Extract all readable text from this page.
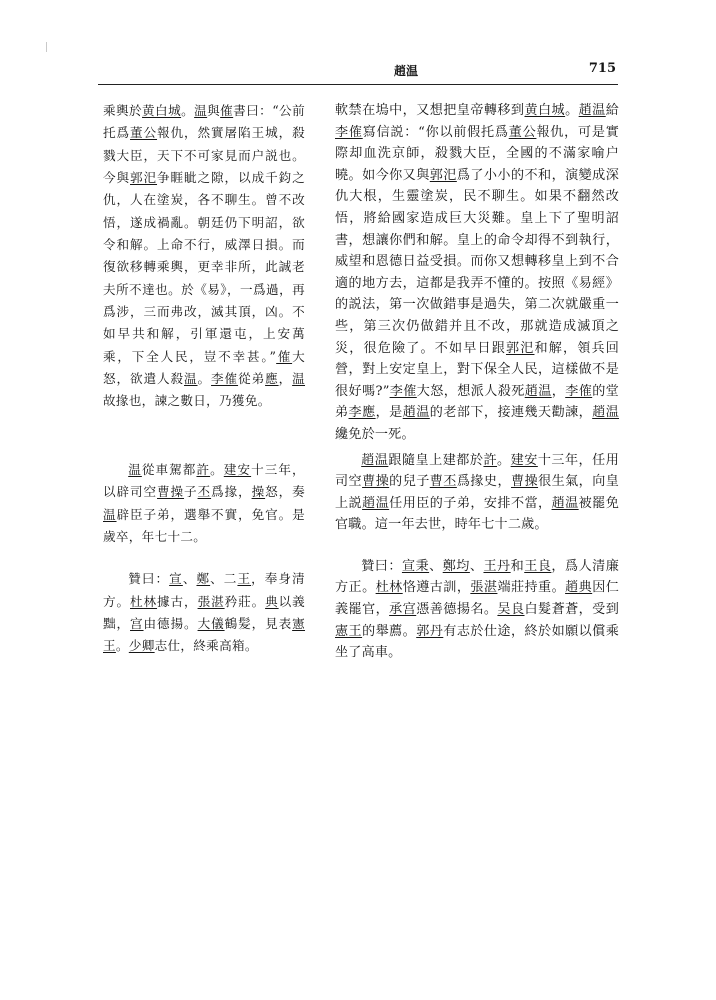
趙温	715

乘輿於黄白城。温與傕書曰：“公前托爲董公報仇，然實屠陷王城，殺戮大臣，天下不可家見而户説也。今與郭汜争睚眦之隙，以成千鈞之仇，人在塗炭，各不聊生。曾不改悟，遂成禍亂。朝廷仍下明詔，欲令和解。上命不行，威澤日損。而復欲移轉乘輿，更幸非所，此誠老夫所不達也。於《易》，一爲過，再爲涉，三而弗改，滅其頂，凶。不如早共和解，引軍還屯，上安萬乘，下全人民，豈不幸甚。”傕大怒，欲遣人殺温。李傕從弟應，温故掾也，諫之數日，乃獲免。

温從車駕都許。建安十三年，以辟司空曹操子丕爲掾，操怒，奏温辟臣子弟，選舉不實，免官。是歲卒，年七十二。

贊曰：宣、鄭、二王，奉身清方。杜林據古，張湛矜莊。典以義黜，宫由德揚。大儀鶴髪，見表憲王。少卿志仕，終乘高箱。

軟禁在塢中，又想把皇帝轉移到黄白城。趙温給李傕寫信説：“你以前假托爲董公報仇，可是實際却血洗京師，殺戮大臣，全國的不滿家喻户曉。如今你又與郭汜爲了小小的不和，演變成深仇大根，生靈塗炭，民不聊生。如果不翻然改悟，將給國家造成巨大災難。皇上下了聖明詔書，想讓你們和解。皇上的命令却得不到執行，威望和恩德日益受損。而你又想轉移皇上到不合適的地方去，這都是我弄不懂的。按照《易經》的説法，第一次做錯事是過失，第二次就嚴重一些，第三次仍做錯并且不改，那就造成滅頂之災，很危險了。不如早日跟郭汜和解，領兵回營，對上安定皇上，對下保全人民，這樣做不是很好嗎?”李傕大怒，想派人殺死趙温，李傕的堂弟李應，是趙温的老部下，接連幾天勸諫，趙温纔免於一死。

趙温跟隨皇上建都於許。建安十三年，任用司空曹操的兒子曹丕爲掾史，曹操很生氣，向皇上説趙温任用臣的子弟，安排不當，趙温被罷免官職。這一年去世，時年七十二歲。

贊曰：宣秉、鄭均、王丹和王良，爲人清廉方正。杜林恪遵古訓，張湛端莊持重。趙典因仁義罷官，承宫憑善德揚名。吴良白髮蒼蒼，受到憲王的舉薦。郭丹有志於仕途，終於如願以償乘坐了高車。
